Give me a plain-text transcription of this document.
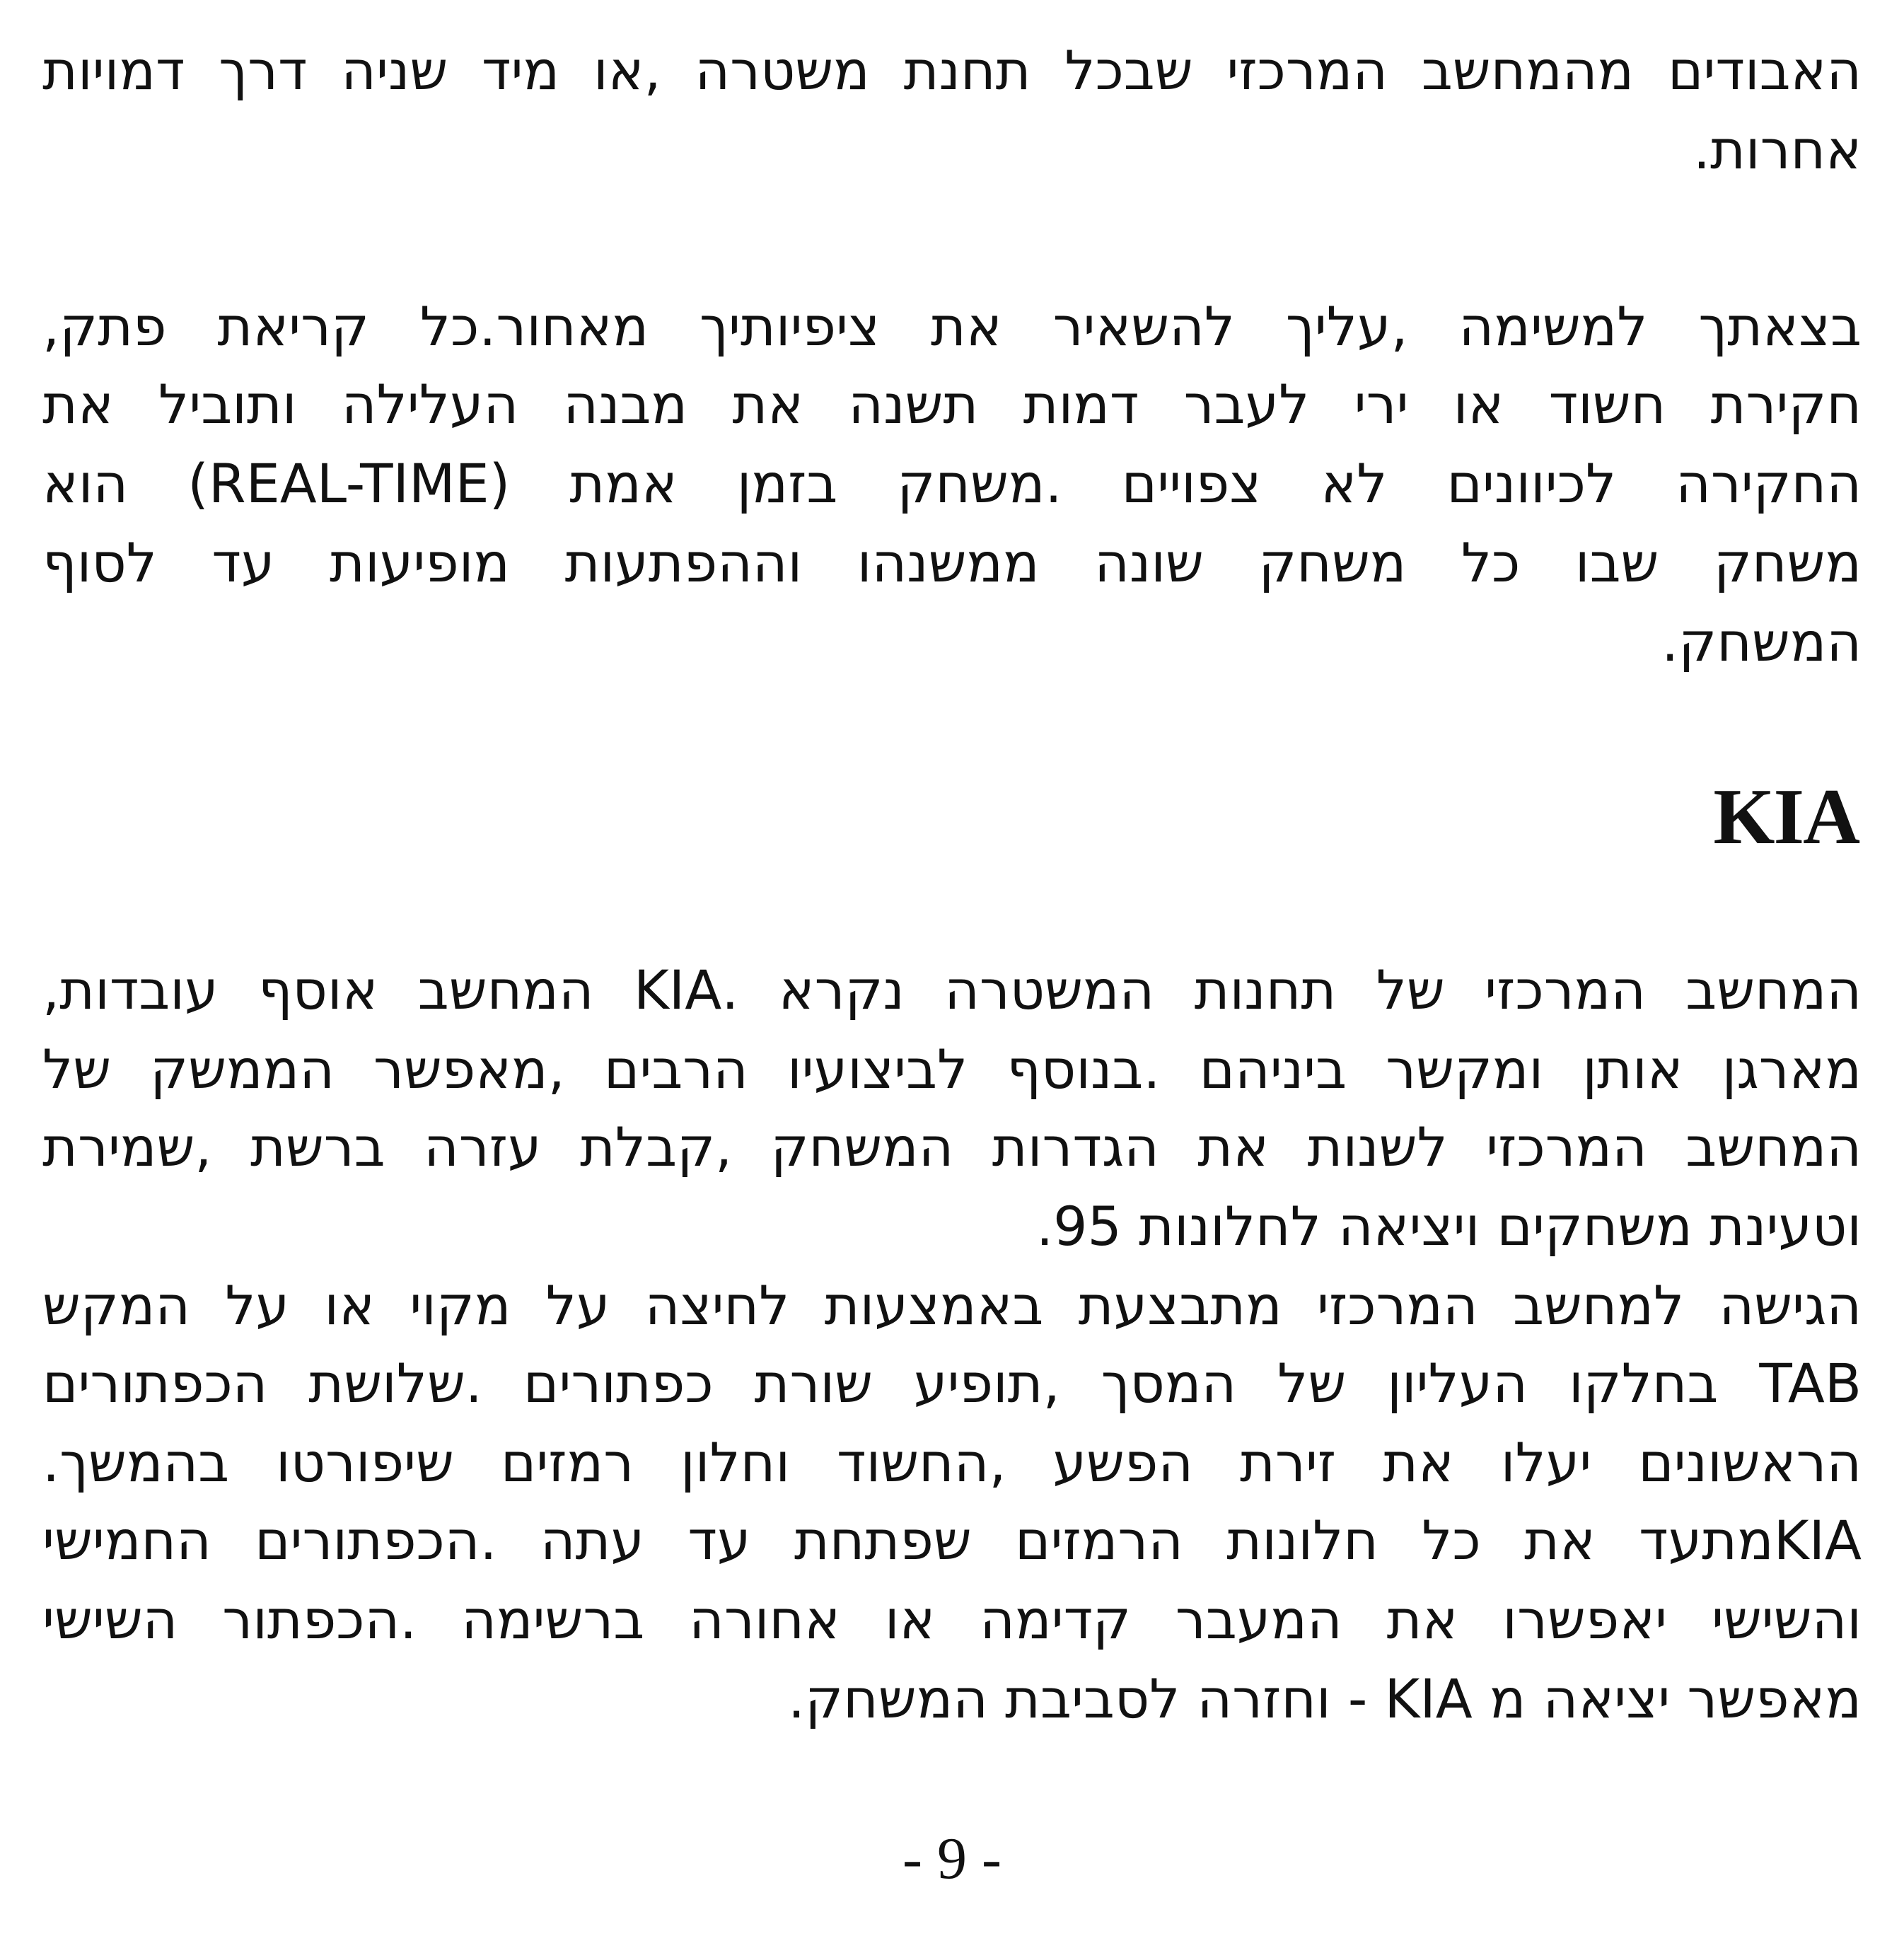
האבודים מהמחשב המרכזי שבכל תחנת משטרה ,או מיד שניה דרך דמויות
אחרות.
בצאתך למשימה ,עליך להשאיר את ציפיותיך מאחור.כל קריאת פתק,
חקירת חשוד או ירי לעבר דמות תשנה את מבנה העלילה ותוביל את
החקירה לכיוונים לא צפויים .משחק בזמן אמת (REAL-TIME) הוא
משחק שבו כל משחק שונה ממשנהו וההפתעות מופיעות עד לסוף
המשחק.
KIA
המחשב המרכזי של תחנות המשטרה נקרא .KIA המחשב אוסף עובדות,
מארגן אותן ומקשר ביניהם .בנוסף לביצועיו הרבים ,מאפשר הממשק של
המחשב המרכזי לשנות את הגדרות המשחק ,קבלת עזרה ברשת ,שמירת
וטעינת משחקים ויציאה לחלונות 95.
הגישה למחשב המרכזי מתבצעת באמצעות לחיצה על מקוי או על המקש
TAB בחלקו העליון של המסך ,תופיע שורת כפתורים .שלושת הכפתורים
הראשונים יעלו את זירת הפשע ,החשוד וחלון רמזים שיפורטו בהמשך.
KIAמתעד את כל חלונות הרמזים שפתחת עד עתה .הכפתורים החמישי
והשישי יאפשרו את המעבר קדימה או אחורה ברשימה .הכפתור השישי
מאפשר יציאה מ KIA - וחזרה לסביבת המשחק.
- 9 -
